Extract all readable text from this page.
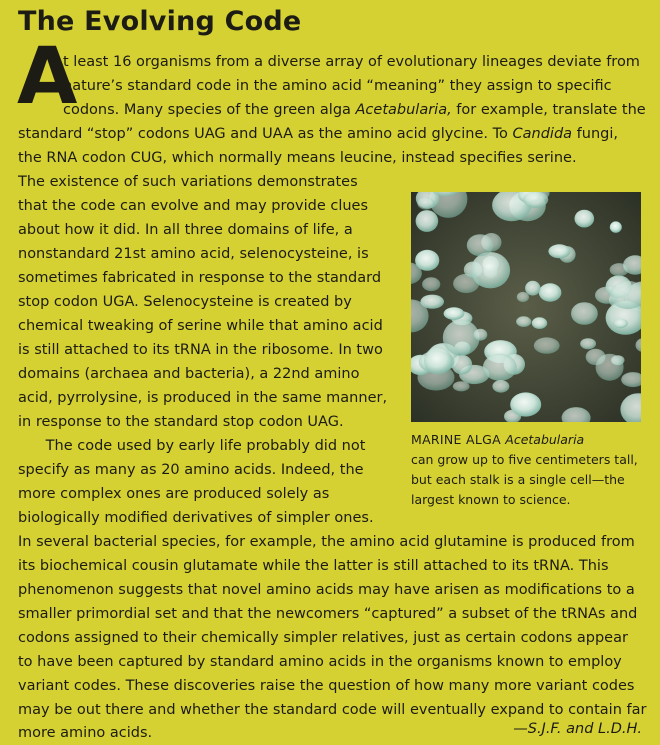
The Evolving Code
A
t least 16 organisms from a diverse array of evolutionary lineages deviate from
nature’s standard code in the amino acid “meaning” they assign to specific
codons. Many species of the green alga Acetabularia, for example, translate the
standard “stop” codons UAG and UAA as the amino acid glycine. To Candida fungi,
the RNA codon CUG, which normally means leucine, instead specifies serine.
The existence of such variations demonstrates
that the code can evolve and may provide clues
about how it did. In all three domains of life, a
nonstandard 21st amino acid, selenocysteine, is
sometimes fabricated in response to the standard
stop codon UGA. Selenocysteine is created by
chemical tweaking of serine while that amino acid
is still attached to its tRNA in the ribosome. In two
domains (archaea and bacteria), a 22nd amino
acid, pyrrolysine, is produced in the same manner,
in response to the standard stop codon UAG.
The code used by early life probably did not
specify as many as 20 amino acids. Indeed, the
more complex ones are produced solely as
biologically modified derivatives of simpler ones.
In several bacterial species, for example, the amino acid glutamine is produced from
its biochemical cousin glutamate while the latter is still attached to its tRNA. This
phenomenon suggests that novel amino acids may have arisen as modifications to a
smaller primordial set and that the newcomers “captured” a subset of the tRNAs and
codons assigned to their chemically simpler relatives, just as certain codons appear
to have been captured by standard amino acids in the organisms known to employ
variant codes. These discoveries raise the question of how many more variant codes
may be out there and whether the standard code will eventually expand to contain far
more amino acids.	—S.J.F. and L.D.H.
MARINE ALGA Acetabularia
can grow up to five centimeters tall,
but each stalk is a single cell—the
largest known to science.
